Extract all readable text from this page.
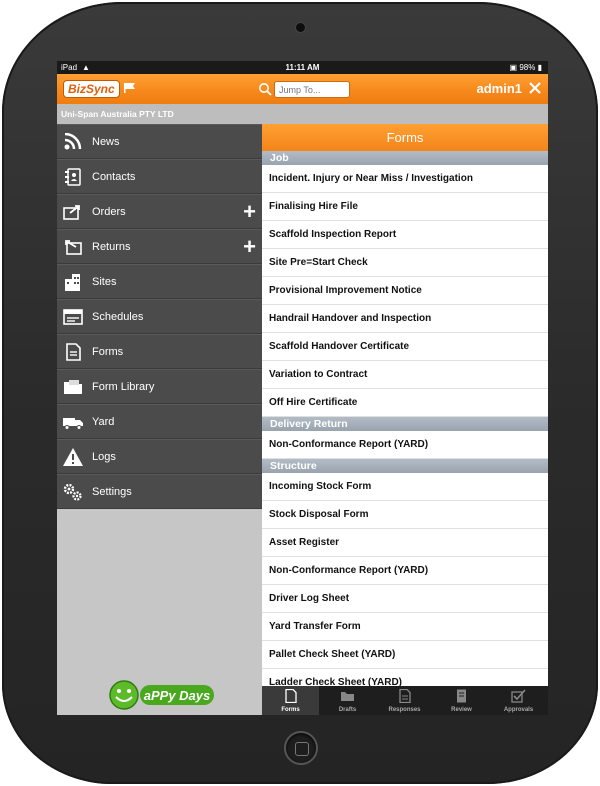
iPad ▲	11:11 AM	▣ 98% ▮
BizSync
Jump To...	admin1
Uni-Span Australia PTY LTD
News
Contacts
Orders	+
Returns	+
Sites
Schedules
Forms
Form Library
Yard
Logs
Settings
aPPy Days
Forms
Job
Incident. Injury or Near Miss / Investigation
Finalising Hire File
Scaffold Inspection Report
Site Pre=Start Check
Provisional Improvement Notice
Handrail Handover and Inspection
Scaffold Handover Certificate
Variation to Contract
Off Hire Certificate
Delivery Return
Non-Conformance Report (YARD)
Structure
Incoming Stock Form
Stock Disposal Form
Asset Register
Non-Conformance Report (YARD)
Driver Log Sheet
Yard Transfer Form
Pallet Check Sheet (YARD)
Ladder Check Sheet (YARD)
Forms	Drafts	Responses	Review	Approvals
